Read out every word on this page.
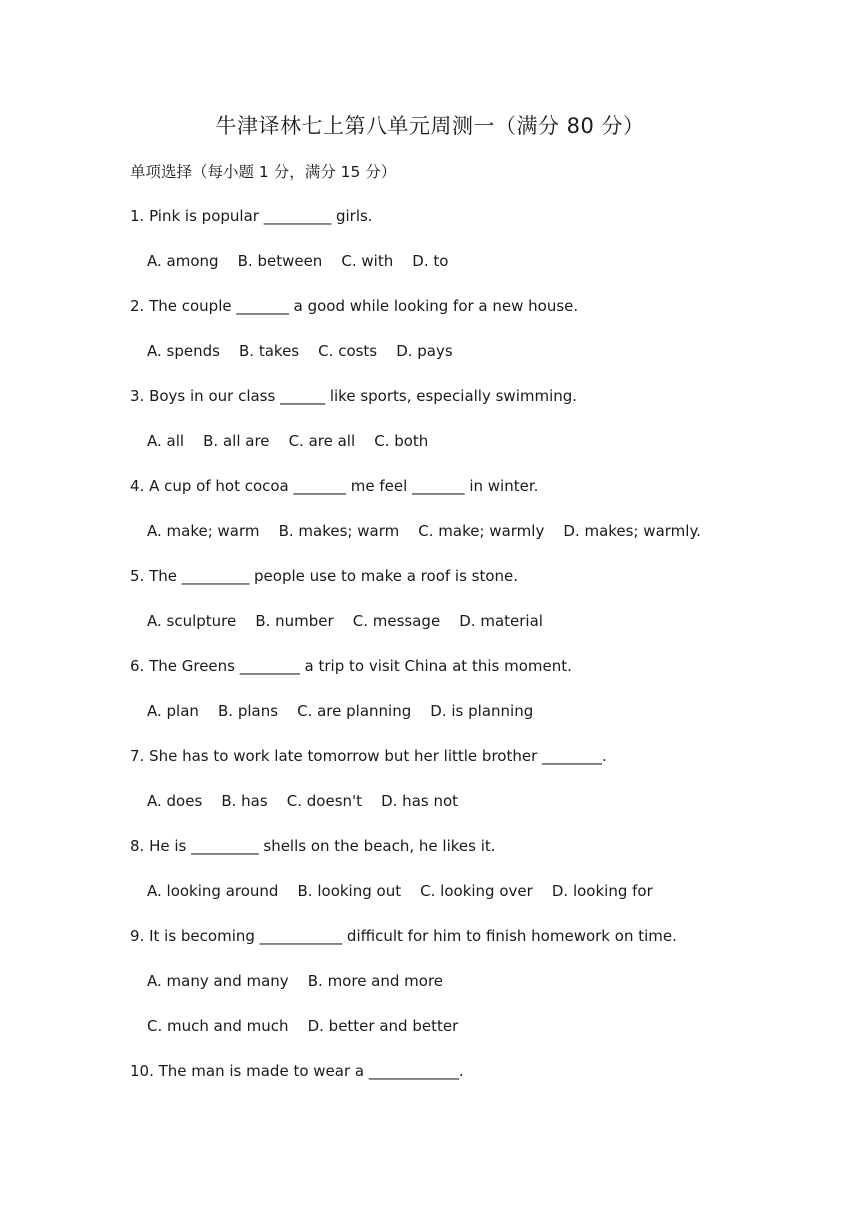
牛津译林七上第八单元周测一（满分 80 分）
单项选择（每小题 1 分，满分 15 分）
1. Pink is popular _________ girls.
A. among    B. between    C. with    D. to
2. The couple _______ a good while looking for a new house.
A. spends    B. takes    C. costs    D. pays
3. Boys in our class ______ like sports, especially swimming.
A. all    B. all are    C. are all    C. both
4. A cup of hot cocoa _______ me feel _______ in winter.
A. make; warm    B. makes; warm    C. make; warmly    D. makes; warmly.
5. The _________ people use to make a roof is stone.
A. sculpture    B. number    C. message    D. material
6. The Greens ________ a trip to visit China at this moment.
A. plan    B. plans    C. are planning    D. is planning
7. She has to work late tomorrow but her little brother ________.
A. does    B. has    C. doesn't    D. has not
8. He is _________ shells on the beach, he likes it.
A. looking around    B. looking out    C. looking over    D. looking for
9. It is becoming ___________ difficult for him to finish homework on time.
A. many and many    B. more and more
C. much and much    D. better and better
10. The man is made to wear a ____________.
